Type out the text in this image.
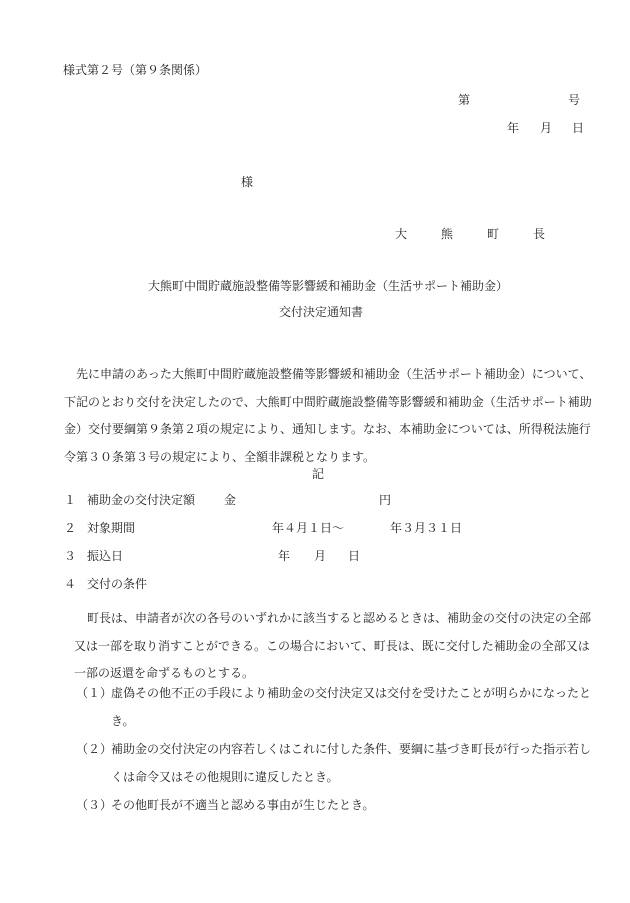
様式第２号（第９条関係）
第	号
年 月 日
様
大　熊　町　長
大熊町中間貯蔵施設整備等影響緩和補助金（生活サポート補助金）
交付決定通知書
先に申請のあった大熊町中間貯蔵施設整備等影響緩和補助金（生活サポート補助金）について、
下記のとおり交付を決定したので、大熊町中間貯蔵施設整備等影響緩和補助金（生活サポート補助
金）交付要綱第９条第２項の規定により、通知します。なお、本補助金については、所得税法施行
令第３０条第３号の規定により、全額非課税となります。
記
１ 補助金の交付決定額 金	円
２ 対象期間	年４月１日～	年３月３１日
３ 振込日	年 月 日
４ 交付の条件
町長は、申請者が次の各号のいずれかに該当すると認めるときは、補助金の交付の決定の全部
又は一部を取り消すことができる。この場合において、町長は、既に交付した補助金の全部又は
一部の返還を命ずるものとする。
（１）虚偽その他不正の手段により補助金の交付決定又は交付を受けたことが明らかになったと
き。
（２）補助金の交付決定の内容若しくはこれに付した条件、要綱に基づき町長が行った指示若し
くは命令又はその他規則に違反したとき。
（３）その他町長が不適当と認める事由が生じたとき。
